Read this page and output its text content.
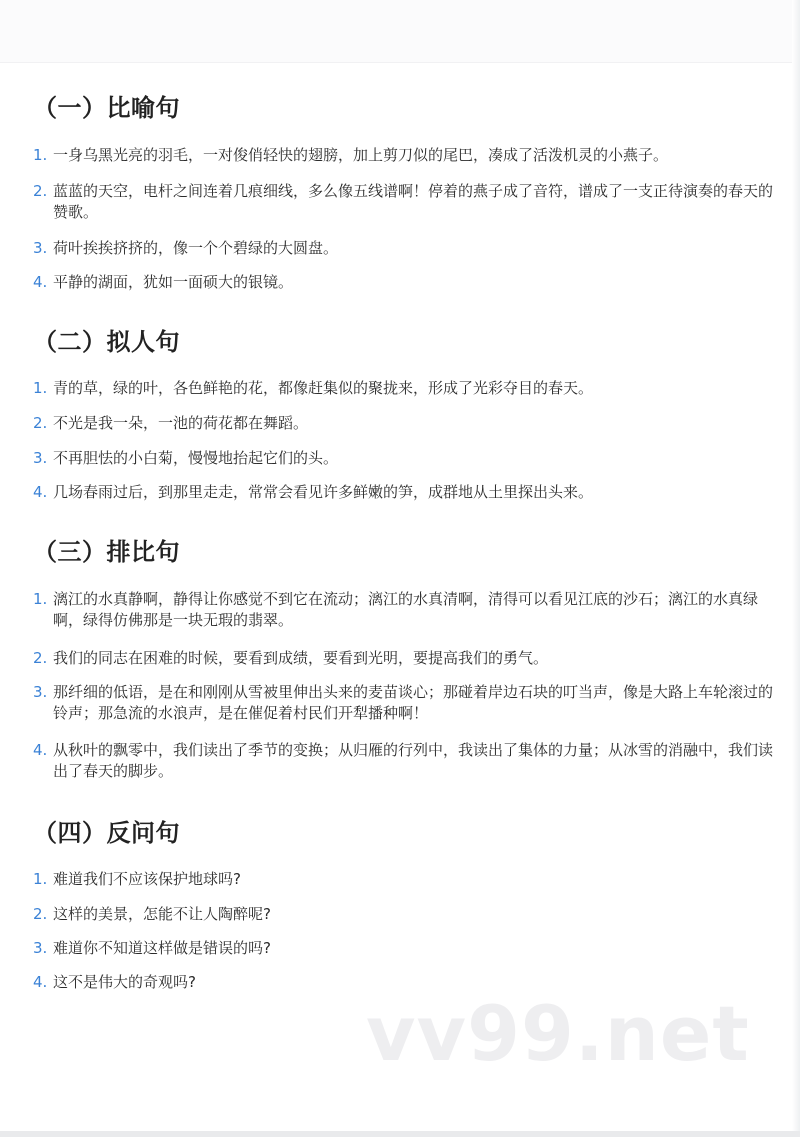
（一）比喻句
1. 一身乌黑光亮的羽毛，一对俊俏轻快的翅膀，加上剪刀似的尾巴，凑成了活泼机灵的小燕子。
2. 蓝蓝的天空，电杆之间连着几痕细线，多么像五线谱啊！停着的燕子成了音符，谱成了一支正待演奏的春天的赞歌。
3. 荷叶挨挨挤挤的，像一个个碧绿的大圆盘。
4. 平静的湖面，犹如一面硕大的银镜。
（二）拟人句
1. 青的草，绿的叶，各色鲜艳的花，都像赶集似的聚拢来，形成了光彩夺目的春天。
2. 不光是我一朵，一池的荷花都在舞蹈。
3. 不再胆怯的小白菊，慢慢地抬起它们的头。
4. 几场春雨过后，到那里走走，常常会看见许多鲜嫩的笋，成群地从土里探出头来。
（三）排比句
1. 漓江的水真静啊，静得让你感觉不到它在流动；漓江的水真清啊，清得可以看见江底的沙石；漓江的水真绿啊，绿得仿佛那是一块无瑕的翡翠。
2. 我们的同志在困难的时候，要看到成绩，要看到光明，要提高我们的勇气。
3. 那纤细的低语，是在和刚刚从雪被里伸出头来的麦苗谈心；那碰着岸边石块的叮当声，像是大路上车轮滚过的铃声；那急流的水浪声，是在催促着村民们开犁播种啊！
4. 从秋叶的飘零中，我们读出了季节的变换；从归雁的行列中，我读出了集体的力量；从冰雪的消融中，我们读出了春天的脚步。
（四）反问句
1. 难道我们不应该保护地球吗?
2. 这样的美景，怎能不让人陶醉呢?
3. 难道你不知道这样做是错误的吗?
4. 这不是伟大的奇观吗?
vv99.net
